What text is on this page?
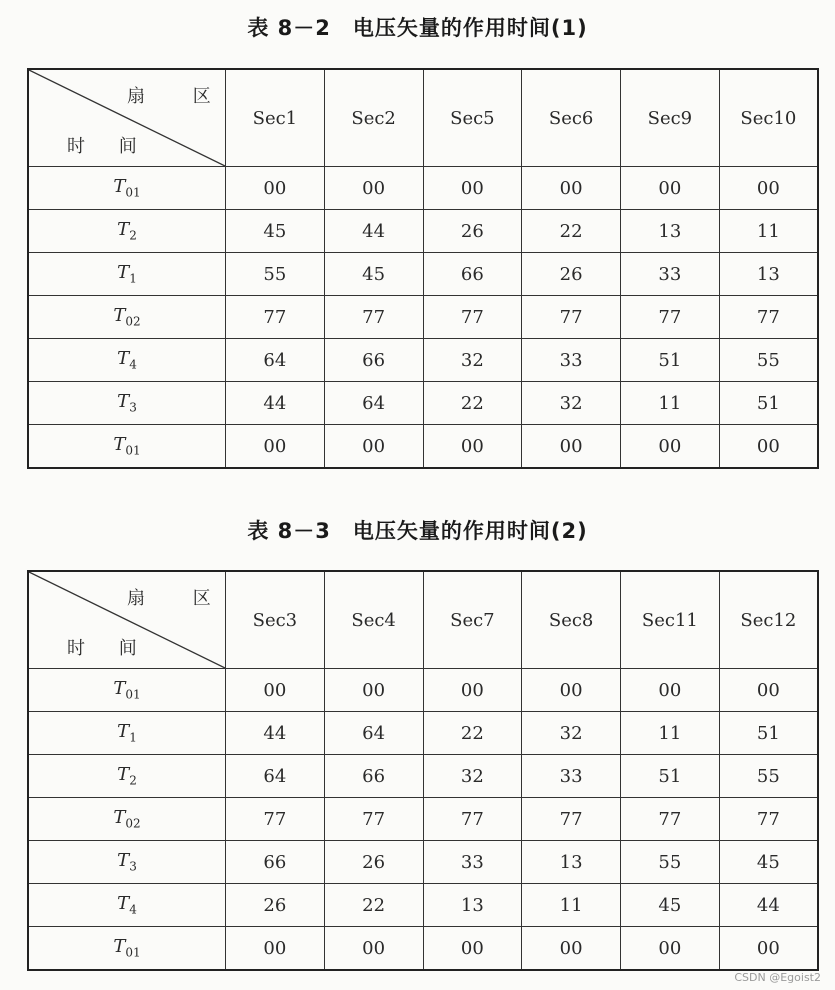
表 8－2　电压矢量的作用时间(1)
扇 区
时 间	Sec1	Sec2	Sec5	Sec6	Sec9	Sec10
$T_{01}$	00	00	00	00	00	00
$T_2$	45	44	26	22	13	11
$T_1$	55	45	66	26	33	13
$T_{02}$	77	77	77	77	77	77
$T_4$	64	66	32	33	51	55
$T_3$	44	64	22	32	11	51
$T_{01}$	00	00	00	00	00	00
表 8－3　电压矢量的作用时间(2)
扇 区
时 间	Sec3	Sec4	Sec7	Sec8	Sec11	Sec12
$T_{01}$	00	00	00	00	00	00
$T_1$	44	64	22	32	11	51
$T_2$	64	66	32	33	51	55
$T_{02}$	77	77	77	77	77	77
$T_3$	66	26	33	13	55	45
$T_4$	26	22	13	11	45	44
$T_{01}$	00	00	00	00	00	00
CSDN @Egoist2
